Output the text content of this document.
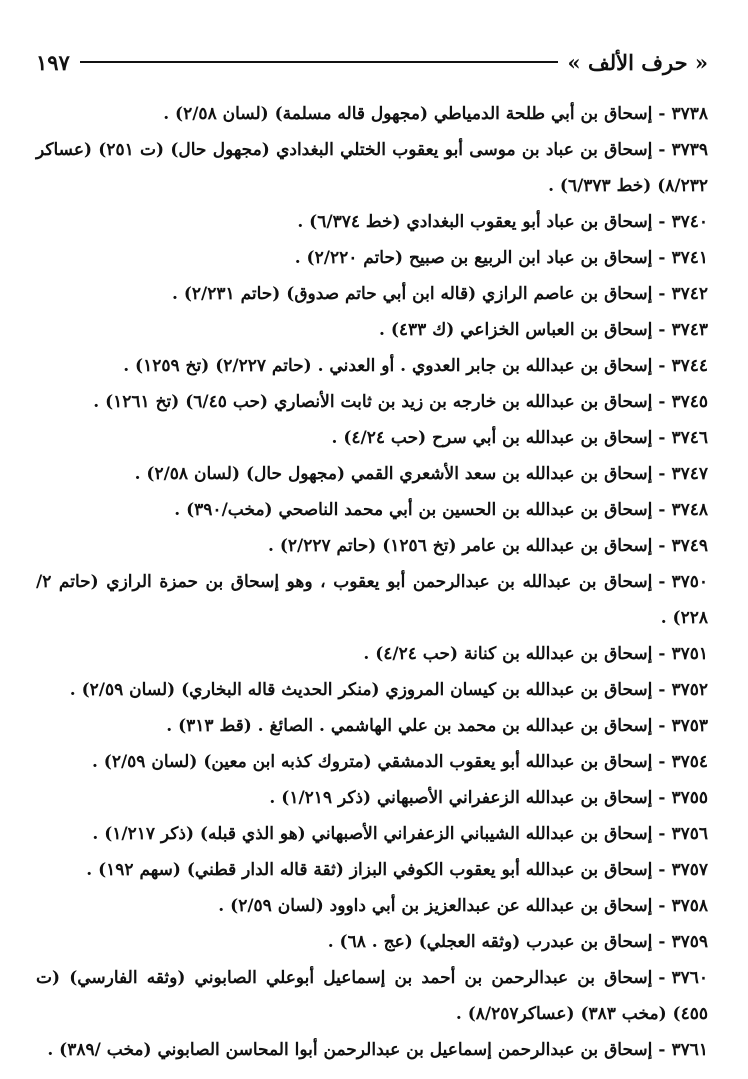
« حرف الألف »
١٩٧
٣٧٣٨-إسحاق بن أبي طلحة الدمياطي (مجهول قاله مسلمة) (لسان ٢/٥٨) .
٣٧٣٩-إسحاق بن عباد بن موسى أبو يعقوب الختلي البغدادي (مجهول حال) (ت ٢٥١) (عساكر ٨/٢٣٢) (خط ٦/٣٧٣) .
٣٧٤٠-إسحاق بن عباد أبو يعقوب البغدادي (خط ٦/٣٧٤) .
٣٧٤١-إسحاق بن عباد ابن الربيع بن صبيح (حاتم ٢/٢٢٠) .
٣٧٤٢-إسحاق بن عاصم الرازي (قاله ابن أبي حاتم صدوق) (حاتم ٢/٢٣١) .
٣٧٤٣-إسحاق بن العباس الخزاعي (ك ٤٣٣) .
٣٧٤٤-إسحاق بن عبدالله بن جابر العدوي . أو العدني . (حاتم ٢/٢٢٧) (تخ ١٢٥٩) .
٣٧٤٥-إسحاق بن عبدالله بن خارجه بن زيد بن ثابت الأنصاري (حب ٦/٤٥) (تخ ١٢٦١) .
٣٧٤٦-إسحاق بن عبدالله بن أبي سرح (حب ٤/٢٤) .
٣٧٤٧-إسحاق بن عبدالله بن سعد الأشعري القمي (مجهول حال) (لسان ٢/٥٨) .
٣٧٤٨-إسحاق بن عبدالله بن الحسين بن أبي محمد الناصحي (مخب/٣٩٠) .
٣٧٤٩-إسحاق بن عبدالله بن عامر (تخ ١٢٥٦) (حاتم ٢/٢٢٧) .
٣٧٥٠-إسحاق بن عبدالله بن عبدالرحمن أبو يعقوب ، وهو إسحاق بن حمزة الرازي (حاتم ٢/ ٢٢٨) .
٣٧٥١-إسحاق بن عبدالله بن كنانة (حب ٤/٢٤) .
٣٧٥٢-إسحاق بن عبدالله بن كيسان المروزي (منكر الحديث قاله البخاري) (لسان ٢/٥٩) .
٣٧٥٣-إسحاق بن عبدالله بن محمد بن علي الهاشمي . الصائغ . (قط ٣١٣) .
٣٧٥٤-إسحاق بن عبدالله أبو يعقوب الدمشقي (متروك كذبه ابن معين) (لسان ٢/٥٩) .
٣٧٥٥-إسحاق بن عبدالله الزعفراني الأصبهاني (ذكر ١/٢١٩) .
٣٧٥٦-إسحاق بن عبدالله الشيباني الزعفراني الأصبهاني (هو الذي قبله) (ذكر ١/٢١٧) .
٣٧٥٧-إسحاق بن عبدالله أبو يعقوب الكوفي البزاز (ثقة قاله الدار قطني) (سهم ١٩٢) .
٣٧٥٨-إسحاق بن عبدالله عن عبدالعزيز بن أبي داوود (لسان ٢/٥٩) .
٣٧٥٩-إسحاق بن عبدرب (وثقه العجلي) (عج . ٦٨) .
٣٧٦٠-إسحاق بن عبدالرحمن بن أحمد بن إسماعيل أبوعلي الصابوني (وثقه الفارسي) (ت ٤٥٥) (مخب ٣٨٣) (عساكر٨/٢٥٧) .
٣٧٦١-إسحاق بن عبدالرحمن إسماعيل بن عبدالرحمن أبوا المحاسن الصابوني (مخب /٣٨٩) .
